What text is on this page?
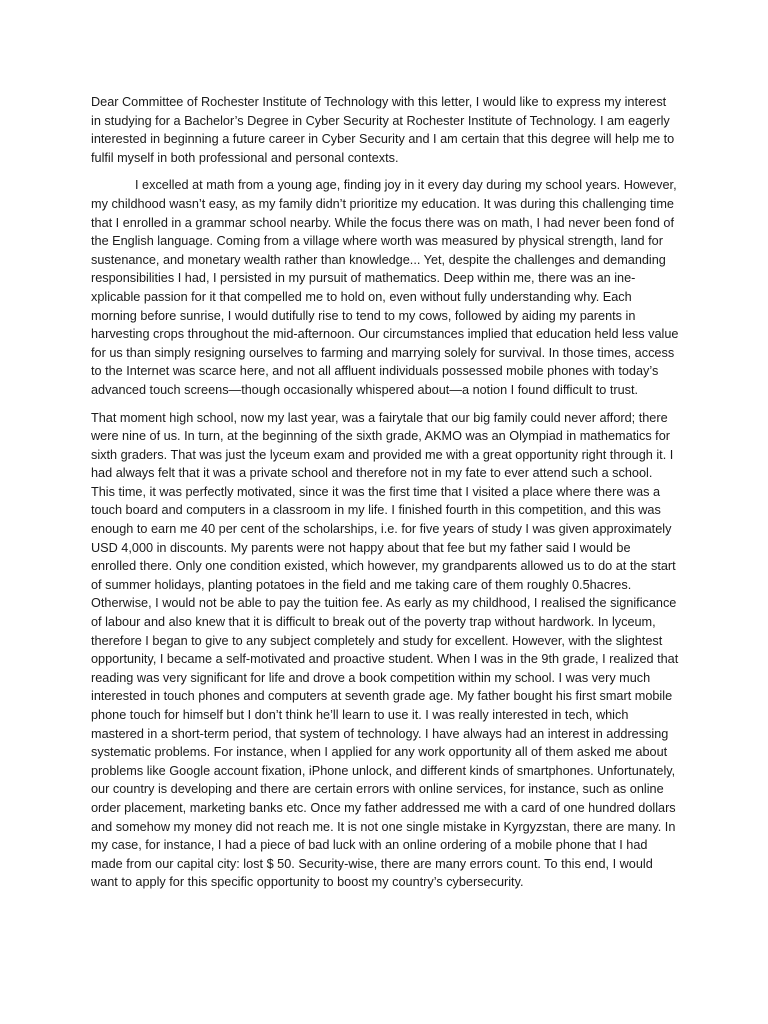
Dear Committee of Rochester Institute of Technology with this letter, I would like to express my interest in studying for a Bachelor’s Degree in Cyber Security at Rochester Institute of Technology. I am eagerly interested in beginning a future career in Cyber Security and I am certain that this degree will help me to fulfil myself in both professional and personal contexts.

I excelled at math from a young age, finding joy in it every day during my school years. However, my childhood wasn’t easy, as my family didn’t prioritize my education. It was during this challenging time that I enrolled in a grammar school nearby. While the focus there was on math, I had never been fond of the English language. Coming from a village where worth was measured by physical strength, land for sustenance, and monetary wealth rather than knowledge... Yet, despite the challenges and demanding responsibilities I had, I persisted in my pursuit of mathematics. Deep within me, there was an ine-xplicable passion for it that compelled me to hold on, even without fully understanding why. Each morning before sunrise, I would dutifully rise to tend to my cows, followed by aiding my parents in harvesting crops throughout the mid-afternoon. Our circumstances implied that education held less value for us than simply resigning ourselves to farming and marrying solely for survival. In those times, access to the Internet was scarce here, and not all affluent individuals possessed mobile phones with today’s advanced touch screens—though occasionally whispered about—a notion I found difficult to trust.

That moment high school, now my last year, was a fairytale that our big family could never afford; there were nine of us. In turn, at the beginning of the sixth grade, AKMO was an Olympiad in mathematics for sixth graders. That was just the lyceum exam and provided me with a great opportunity right through it. I had always felt that it was a private school and therefore not in my fate to ever attend such a school. This time, it was perfectly motivated, since it was the first time that I visited a place where there was a touch board and computers in a classroom in my life. I finished fourth in this competition, and this was enough to earn me 40 per cent of the scholarships, i.e. for five years of study I was given approximately USD 4,000 in discounts. My parents were not happy about that fee but my father said I would be enrolled there. Only one condition existed, which however, my grandparents allowed us to do at the start of summer holidays, planting potatoes in the field and me taking care of them roughly 0.5hacres. Otherwise, I would not be able to pay the tuition fee. As early as my childhood, I realised the significance of labour and also knew that it is difficult to break out of the poverty trap without hardwork. In lyceum, therefore I began to give to any subject completely and study for excellent. However, with the slightest opportunity, I became a self-motivated and proactive student. When I was in the 9th grade, I realized that reading was very significant for life and drove a book competition within my school. I was very much interested in touch phones and computers at seventh grade age. My father bought his first smart mobile phone touch for himself but I don’t think he’ll learn to use it. I was really interested in tech, which mastered in a short-term period, that system of technology. I have always had an interest in addressing systematic problems. For instance, when I applied for any work opportunity all of them asked me about problems like Google account fixation, iPhone unlock, and different kinds of smartphones. Unfortunately, our country is developing and there are certain errors with online services, for instance, such as online order placement, marketing banks etc. Once my father addressed me with a card of one hundred dollars and somehow my money did not reach me. It is not one single mistake in Kyrgyzstan, there are many. In my case, for instance, I had a piece of bad luck with an online ordering of a mobile phone that I had made from our capital city: lost $ 50. Security-wise, there are many errors count. To this end, I would want to apply for this specific opportunity to boost my country’s cybersecurity.
